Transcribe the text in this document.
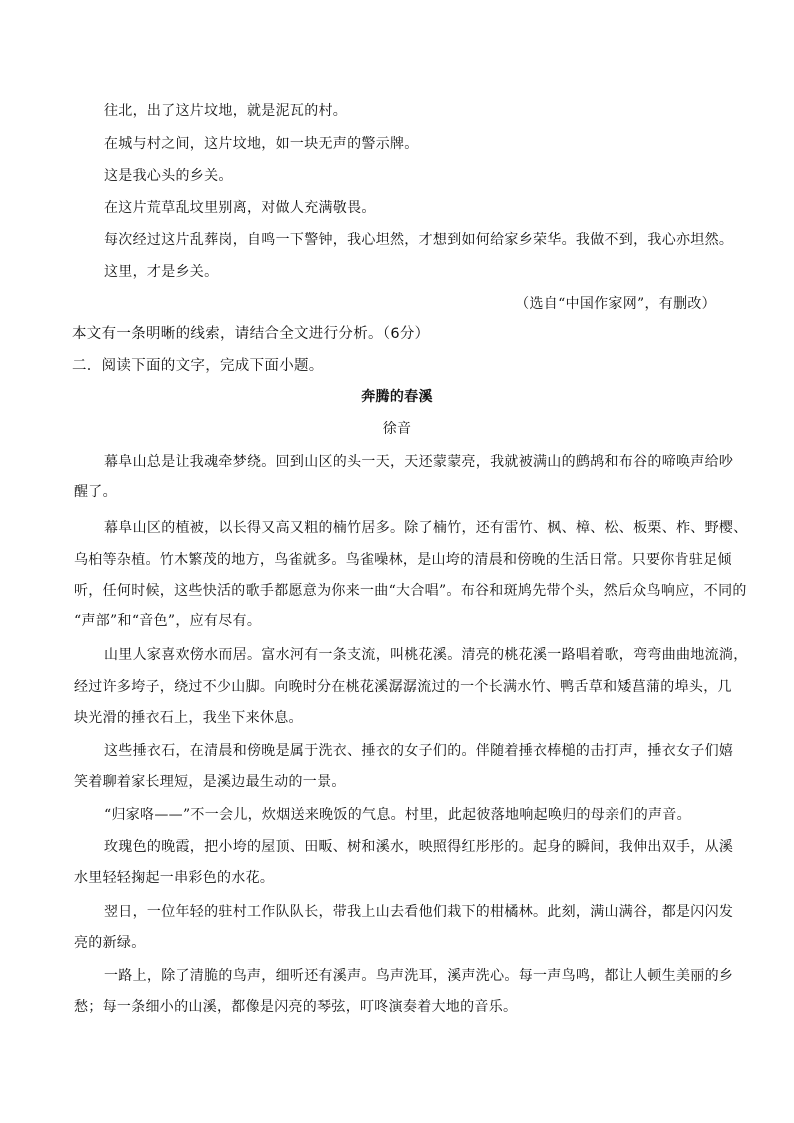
往北，出了这片坟地，就是泥瓦的村。
在城与村之间，这片坟地，如一块无声的警示牌。
这是我心头的乡关。
在这片荒草乱坟里别离，对做人充满敬畏。
每次经过这片乱葬岗，自鸣一下警钟，我心坦然，才想到如何给家乡荣华。我做不到，我心亦坦然。
这里，才是乡关。
（选自“中国作家网”，有删改）
本文有一条明晰的线索，请结合全文进行分析。（6分）
二．阅读下面的文字，完成下面小题。
奔腾的春溪
徐音
幕阜山总是让我魂牵梦绕。回到山区的头一天，天还蒙蒙亮，我就被满山的鹧鸪和布谷的啼唤声给吵
醒了。
幕阜山区的植被，以长得又高又粗的楠竹居多。除了楠竹，还有雷竹、枫、樟、松、板栗、柞、野樱、
乌桕等杂植。竹木繁茂的地方，鸟雀就多。鸟雀噪林，是山垮的清晨和傍晚的生活日常。只要你肯驻足倾
听，任何时候，这些快活的歌手都愿意为你来一曲“大合唱”。布谷和斑鸠先带个头，然后众鸟响应，不同的
“声部”和“音色”，应有尽有。
山里人家喜欢傍水而居。富水河有一条支流，叫桃花溪。清亮的桃花溪一路唱着歌，弯弯曲曲地流淌，
经过许多垮子，绕过不少山脚。向晚时分在桃花溪潺潺流过的一个长满水竹、鸭舌草和矮菖蒲的埠头，几
块光滑的捶衣石上，我坐下来休息。
这些捶衣石，在清晨和傍晚是属于洗衣、捶衣的女子们的。伴随着捶衣棒槌的击打声，捶衣女子们嬉
笑着聊着家长理短，是溪边最生动的一景。
“归家咯——”不一会儿，炊烟送来晚饭的气息。村里，此起彼落地响起唤归的母亲们的声音。
玫瑰色的晚霞，把小垮的屋顶、田畈、树和溪水，映照得红彤彤的。起身的瞬间，我伸出双手，从溪
水里轻轻掬起一串彩色的水花。
翌日，一位年轻的驻村工作队队长，带我上山去看他们栽下的柑橘林。此刻，满山满谷，都是闪闪发
亮的新绿。
一路上，除了清脆的鸟声，细听还有溪声。鸟声洗耳，溪声洗心。每一声鸟鸣，都让人顿生美丽的乡
愁；每一条细小的山溪，都像是闪亮的琴弦，叮咚演奏着大地的音乐。
